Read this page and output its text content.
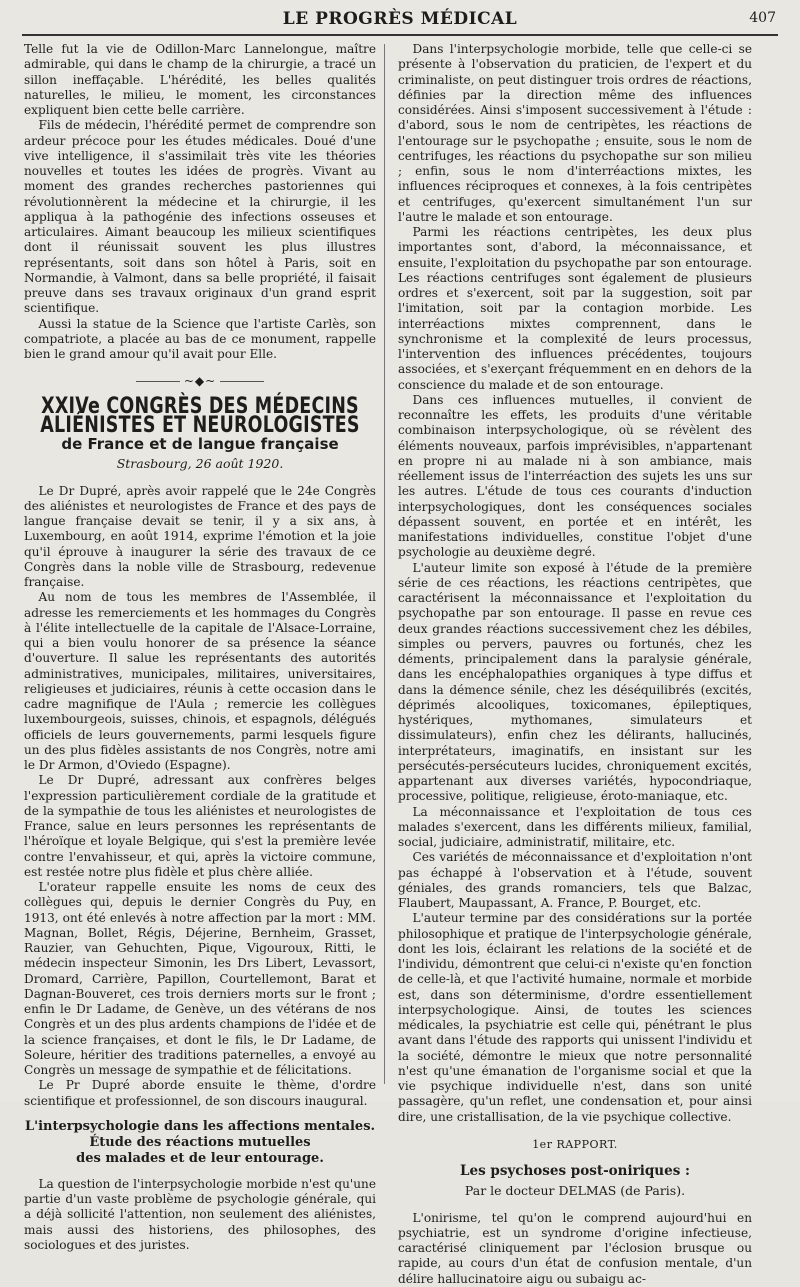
LE PROGRÈS MÉDICAL	407

Telle fut la vie de Odillon-Marc Lannelongue, maître admirable, qui dans le champ de la chirurgie, a tracé un sillon ineffaçable. L'hérédité, les belles qualités naturelles, le milieu, le moment, les circonstances expliquent bien cette belle carrière.

Fils de médecin, l'hérédité permet de comprendre son ardeur précoce pour les études médicales. Doué d'une vive intelligence, il s'assimilait très vite les théories nouvelles et toutes les idées de progrès. Vivant au moment des grandes recherches pastoriennes qui révolutionnèrent la médecine et la chirurgie, il les appliqua à la pathogénie des infections osseuses et articulaires. Aimant beaucoup les milieux scientifiques dont il réunissait souvent les plus illustres représentants, soit dans son hôtel à Paris, soit en Normandie, à Valmont, dans sa belle propriété, il faisait preuve dans ses travaux originaux d'un grand esprit scientifique.

Aussi la statue de la Science que l'artiste Carlès, son compatriote, a placée au bas de ce monument, rappelle bien le grand amour qu'il avait pour Elle.

~◆~
XXIVe CONGRÈS DES MÉDECINS ALIÉNISTES ET NEUROLOGISTES
de France et de langue française
Strasbourg, 26 août 1920.

Le Dr Dupré, après avoir rappelé que le 24e Congrès des aliénistes et neurologistes de France et des pays de langue française devait se tenir, il y a six ans, à Luxembourg, en août 1914, exprime l'émotion et la joie qu'il éprouve à inaugurer la série des travaux de ce Congrès dans la noble ville de Strasbourg, redevenue française.

Au nom de tous les membres de l'Assemblée, il adresse les remerciements et les hommages du Congrès à l'élite intellectuelle de la capitale de l'Alsace-Lorraine, qui a bien voulu honorer de sa présence la séance d'ouverture. Il salue les représentants des autorités administratives, municipales, militaires, universitaires, religieuses et judiciaires, réunis à cette occasion dans le cadre magnifique de l'Aula ; remercie les collègues luxembourgeois, suisses, chinois, et espagnols, délégués officiels de leurs gouvernements, parmi lesquels figure un des plus fidèles assistants de nos Congrès, notre ami le Dr Armon, d'Oviedo (Espagne).

Le Dr Dupré, adressant aux confrères belges l'expression particulièrement cordiale de la gratitude et de la sympathie de tous les aliénistes et neurologistes de France, salue en leurs personnes les représentants de l'héroïque et loyale Belgique, qui s'est la première levée contre l'envahisseur, et qui, après la victoire commune, est restée notre plus fidèle et plus chère alliée.

L'orateur rappelle ensuite les noms de ceux des collègues qui, depuis le dernier Congrès du Puy, en 1913, ont été enlevés à notre affection par la mort : MM. Magnan, Bollet, Régis, Déjerine, Bernheim, Grasset, Rauzier, van Gehuchten, Pique, Vigouroux, Ritti, le médecin inspecteur Simonin, les Drs Libert, Levassort, Dromard, Carrière, Papillon, Courtellemont, Barat et Dagnan-Bouveret, ces trois derniers morts sur le front ; enfin le Dr Ladame, de Genève, un des vétérans de nos Congrès et un des plus ardents champions de l'idée et de la science françaises, et dont le fils, le Dr Ladame, de Soleure, héritier des traditions paternelles, a envoyé au Congrès un message de sympathie et de félicitations.

Le Pr Dupré aborde ensuite le thème, d'ordre scientifique et professionnel, de son discours inaugural.

L'interpsychologie dans les affections mentales.
Étude des réactions mutuelles
des malades et de leur entourage.

La question de l'interpsychologie morbide n'est qu'une partie d'un vaste problème de psychologie générale, qui a déjà sollicité l'attention, non seulement des aliénistes, mais aussi des historiens, des philosophes, des sociologues et des juristes.

Dans l'interpsychologie morbide, telle que celle-ci se présente à l'observation du praticien, de l'expert et du criminaliste, on peut distinguer trois ordres de réactions, définies par la direction même des influences considérées. Ainsi s'imposent successivement à l'étude : d'abord, sous le nom de centripètes, les réactions de l'entourage sur le psychopathe ; ensuite, sous le nom de centrifuges, les réactions du psychopathe sur son milieu ; enfin, sous le nom d'interréactions mixtes, les influences réciproques et connexes, à la fois centripètes et centrifuges, qu'exercent simultanément l'un sur l'autre le malade et son entourage.

Parmi les réactions centripètes, les deux plus importantes sont, d'abord, la méconnaissance, et ensuite, l'exploitation du psychopathe par son entourage. Les réactions centrifuges sont également de plusieurs ordres et s'exercent, soit par la suggestion, soit par l'imitation, soit par la contagion morbide. Les interréactions mixtes comprennent, dans le synchronisme et la complexité de leurs processus, l'intervention des influences précédentes, toujours associées, et s'exerçant fréquemment en en dehors de la conscience du malade et de son entourage.

Dans ces influences mutuelles, il convient de reconnaître les effets, les produits d'une véritable combinaison interpsychologique, où se révèlent des éléments nouveaux, parfois imprévisibles, n'appartenant en propre ni au malade ni à son ambiance, mais réellement issus de l'interréaction des sujets les uns sur les autres. L'étude de tous ces courants d'induction interpsychologiques, dont les conséquences sociales dépassent souvent, en portée et en intérêt, les manifestations individuelles, constitue l'objet d'une psychologie au deuxième degré.

L'auteur limite son exposé à l'étude de la première série de ces réactions, les réactions centripètes, que caractérisent la méconnaissance et l'exploitation du psychopathe par son entourage. Il passe en revue ces deux grandes réactions successivement chez les débiles, simples ou pervers, pauvres ou fortunés, chez les déments, principalement dans la paralysie générale, dans les encéphalopathies organiques à type diffus et dans la démence sénile, chez les déséquilibrés (excités, déprimés alcooliques, toxicomanes, épileptiques, hystériques, mythomanes, simulateurs et dissimulateurs), enfin chez les délirants, hallucinés, interprétateurs, imaginatifs, en insistant sur les persécutés-persécuteurs lucides, chroniquement excités, appartenant aux diverses variétés, hypocondriaque, processive, politique, religieuse, éroto-maniaque, etc.

La méconnaissance et l'exploitation de tous ces malades s'exercent, dans les différents milieux, familial, social, judiciaire, administratif, militaire, etc.

Ces variétés de méconnaissance et d'exploitation n'ont pas échappé à l'observation et à l'étude, souvent géniales, des grands romanciers, tels que Balzac, Flaubert, Maupassant, A. France, P. Bourget, etc.

L'auteur termine par des considérations sur la portée philosophique et pratique de l'interpsychologie générale, dont les lois, éclairant les relations de la société et de l'individu, démontrent que celui-ci n'existe qu'en fonction de celle-là, et que l'activité humaine, normale et morbide est, dans son déterminisme, d'ordre essentiellement interpsychologique. Ainsi, de toutes les sciences médicales, la psychiatrie est celle qui, pénétrant le plus avant dans l'étude des rapports qui unissent l'individu et la société, démontre le mieux que notre personnalité n'est qu'une émanation de l'organisme social et que la vie psychique individuelle n'est, dans son unité passagère, qu'un reflet, une condensation et, pour ainsi dire, une cristallisation, de la vie psychique collective.

1er RAPPORT.
Les psychoses post-oniriques :
Par le docteur DELMAS (de Paris).

L'onirisme, tel qu'on le comprend aujourd'hui en psychiatrie, est un syndrome d'origine infectieuse, caractérisé cliniquement par l'éclosion brusque ou rapide, au cours d'un état de confusion mentale, d'un délire hallucinatoire aigu ou subaigu ac-
